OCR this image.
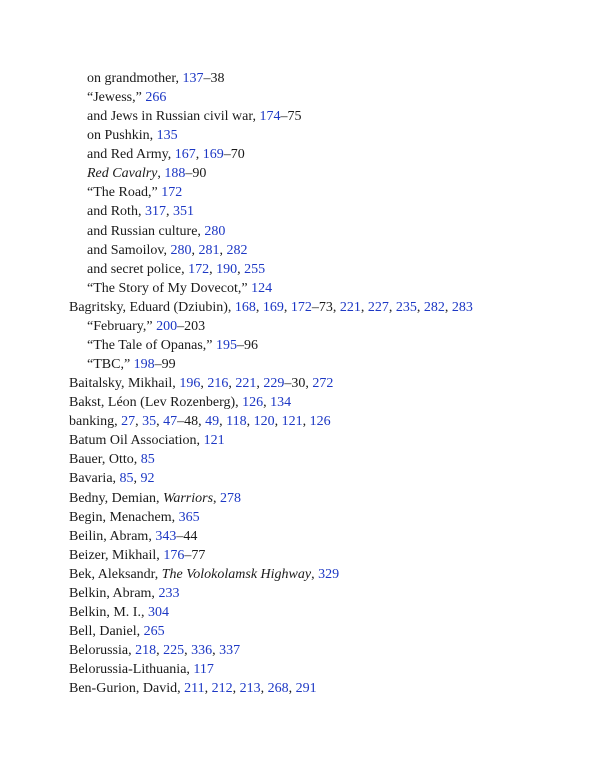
on grandmother, 137–38
“Jewess,” 266
and Jews in Russian civil war, 174–75
on Pushkin, 135
and Red Army, 167, 169–70
Red Cavalry, 188–90
“The Road,” 172
and Roth, 317, 351
and Russian culture, 280
and Samoilov, 280, 281, 282
and secret police, 172, 190, 255
“The Story of My Dovecot,” 124
Bagritsky, Eduard (Dziubin), 168, 169, 172–73, 221, 227, 235, 282, 283
“February,” 200–203
“The Tale of Opanas,” 195–96
“TBC,” 198–99
Baitalsky, Mikhail, 196, 216, 221, 229–30, 272
Bakst, Léon (Lev Rozenberg), 126, 134
banking, 27, 35, 47–48, 49, 118, 120, 121, 126
Batum Oil Association, 121
Bauer, Otto, 85
Bavaria, 85, 92
Bedny, Demian, Warriors, 278
Begin, Menachem, 365
Beilin, Abram, 343–44
Beizer, Mikhail, 176–77
Bek, Aleksandr, The Volokolamsk Highway, 329
Belkin, Abram, 233
Belkin, M. I., 304
Bell, Daniel, 265
Belorussia, 218, 225, 336, 337
Belorussia-Lithuania, 117
Ben-Gurion, David, 211, 212, 213, 268, 291
